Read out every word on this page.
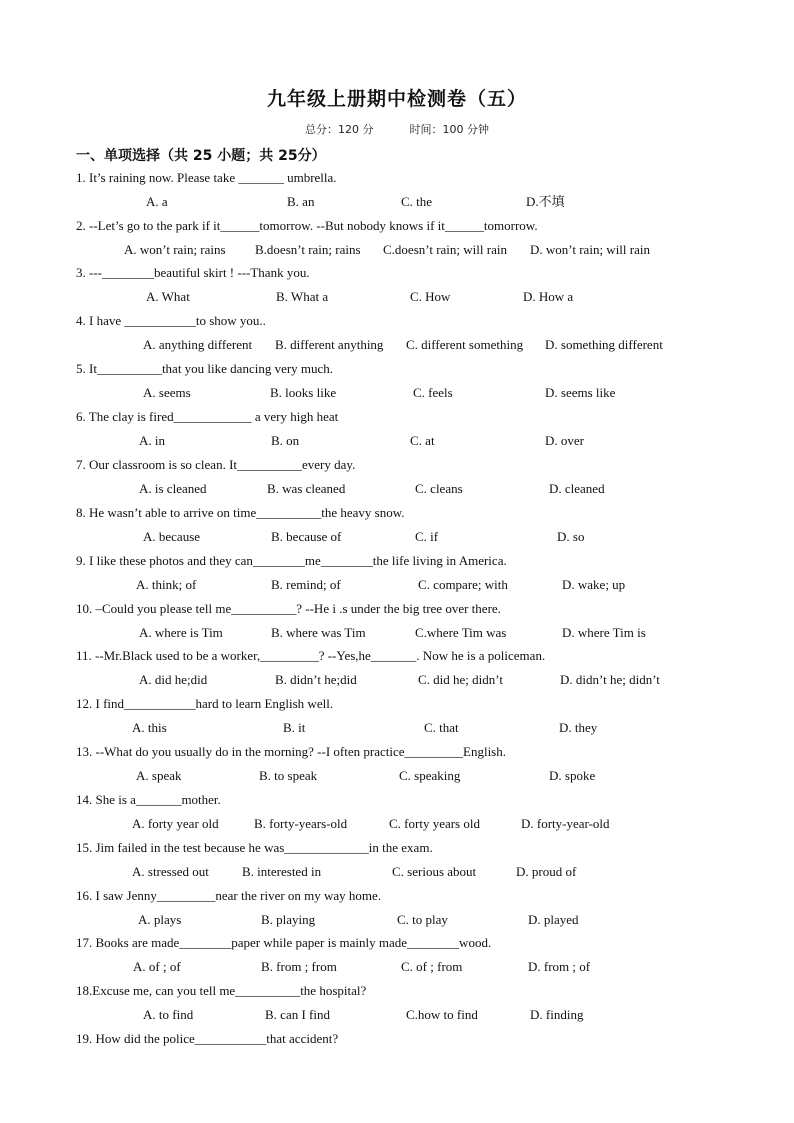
九年级上册期中检测卷（五）
总分：120 分	时间：100 分钟
一、单项选择（共 25 小题；共 25分）
1. It’s raining now. Please take _______ umbrella.
A. a	B. an	C. the	D.不填
2. --Let’s go to the park if it______tomorrow. --But nobody knows if it______tomorrow.
A. won’t rain; rains B.doesn’t rain; rains C.doesn’t rain; will rain D. won’t rain; will rain
3. ---________beautiful skirt ! ---Thank you.
A. What	B. What a	C. How	D. How a
4. I have ___________to show you..
A. anything different B. different anything C. different something D. something different
5. It__________that you like dancing very much.
A. seems	B. looks like	C. feels	D. seems like
6. The clay is fired____________ a very high heat
A. in	B. on	C. at	D. over
7. Our classroom is so clean. It__________every day.
A. is cleaned	B. was cleaned	C. cleans	D. cleaned
8. He wasn’t able to arrive on time__________the heavy snow.
A. because	B. because of	C. if	D. so
9. I like these photos and they can________me________the life living in America.
A. think; of	B. remind; of	C. compare; with	D. wake; up
10. –Could you please tell me__________? --He i .s under the big tree over there.
A. where is Tim	B. where was Tim	C.where Tim was	D. where Tim is
11. --Mr.Black used to be a worker,_________? --Yes,he_______. Now he is a policeman.
A. did he;did	B. didn’t he;did	C. did he; didn’t	D. didn’t he; didn’t
12. I find___________hard to learn English well.
A. this	B. it	C. that	D. they
13. --What do you usually do in the morning? --I often practice_________English.
A. speak	B. to speak	C. speaking	D. spoke
14. She is a_______mother.
A. forty year old	B. forty-years-old	C. forty years old	D. forty-year-old
15. Jim failed in the test because he was_____________in the exam.
A. stressed out	B. interested in	C. serious about	D. proud of
16. I saw Jenny_________near the river on my way home.
A. plays	B. playing	C. to play	D. played
17. Books are made________paper while paper is mainly made________wood.
A. of ; of	B. from ; from	C. of ; from	D. from ; of
18.Excuse me, can you tell me__________the hospital?
A. to find	B. can I find	C.how to find	D. finding
19. How did the police___________that accident?
